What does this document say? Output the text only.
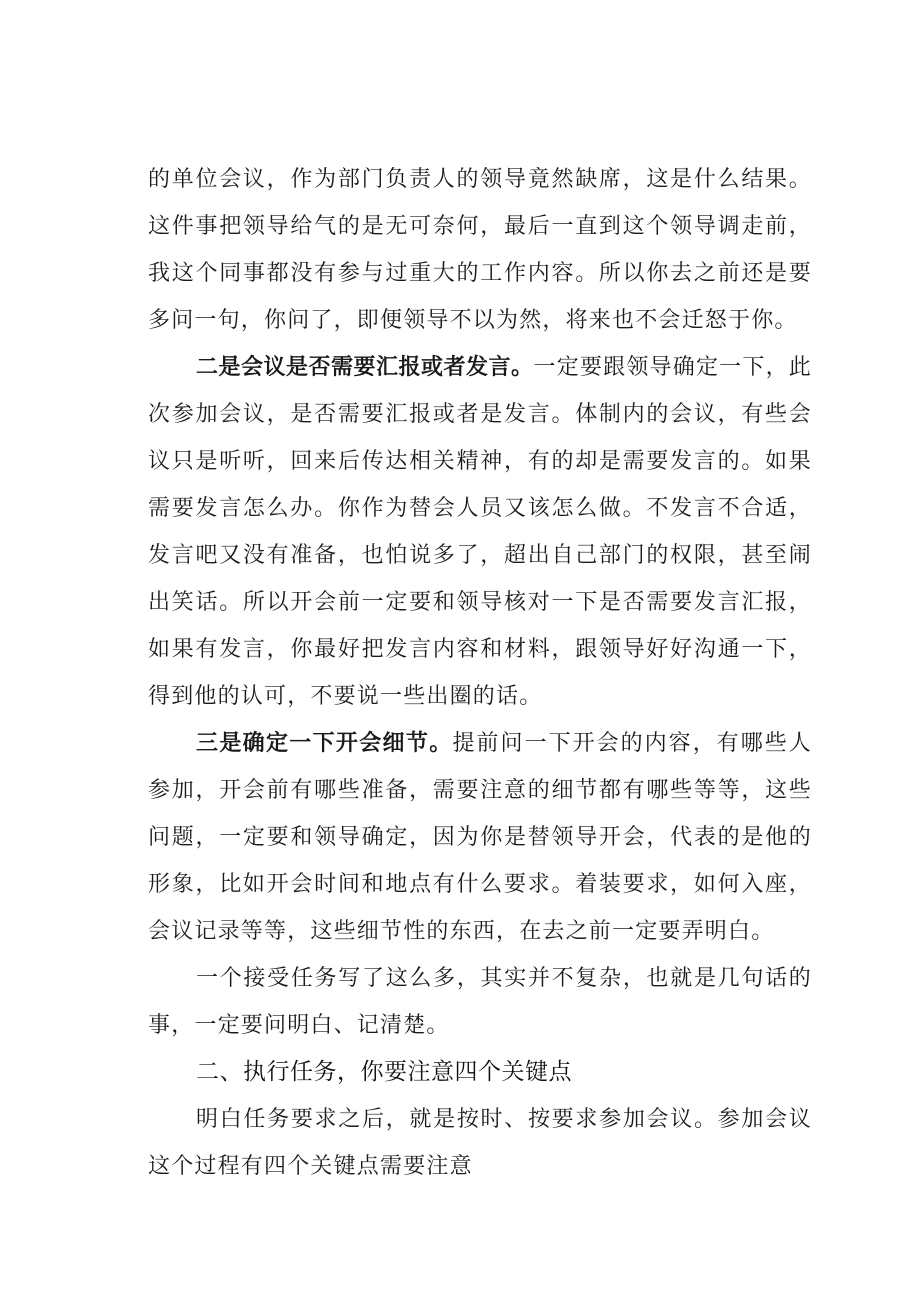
的单位会议，作为部门负责人的领导竟然缺席，这是什么结果。这件事把领导给气的是无可奈何，最后一直到这个领导调走前，我这个同事都没有参与过重大的工作内容。所以你去之前还是要多问一句，你问了，即便领导不以为然，将来也不会迁怒于你。

二是会议是否需要汇报或者发言。一定要跟领导确定一下，此次参加会议，是否需要汇报或者是发言。体制内的会议，有些会议只是听听，回来后传达相关精神，有的却是需要发言的。如果需要发言怎么办。你作为替会人员又该怎么做。不发言不合适，发言吧又没有准备，也怕说多了，超出自己部门的权限，甚至闹出笑话。所以开会前一定要和领导核对一下是否需要发言汇报，如果有发言，你最好把发言内容和材料，跟领导好好沟通一下，得到他的认可，不要说一些出圈的话。

三是确定一下开会细节。提前问一下开会的内容，有哪些人参加，开会前有哪些准备，需要注意的细节都有哪些等等，这些问题，一定要和领导确定，因为你是替领导开会，代表的是他的形象，比如开会时间和地点有什么要求。着装要求，如何入座，会议记录等等，这些细节性的东西，在去之前一定要弄明白。

一个接受任务写了这么多，其实并不复杂，也就是几句话的事，一定要问明白、记清楚。

二、执行任务，你要注意四个关键点

明白任务要求之后，就是按时、按要求参加会议。参加会议这个过程有四个关键点需要注意
